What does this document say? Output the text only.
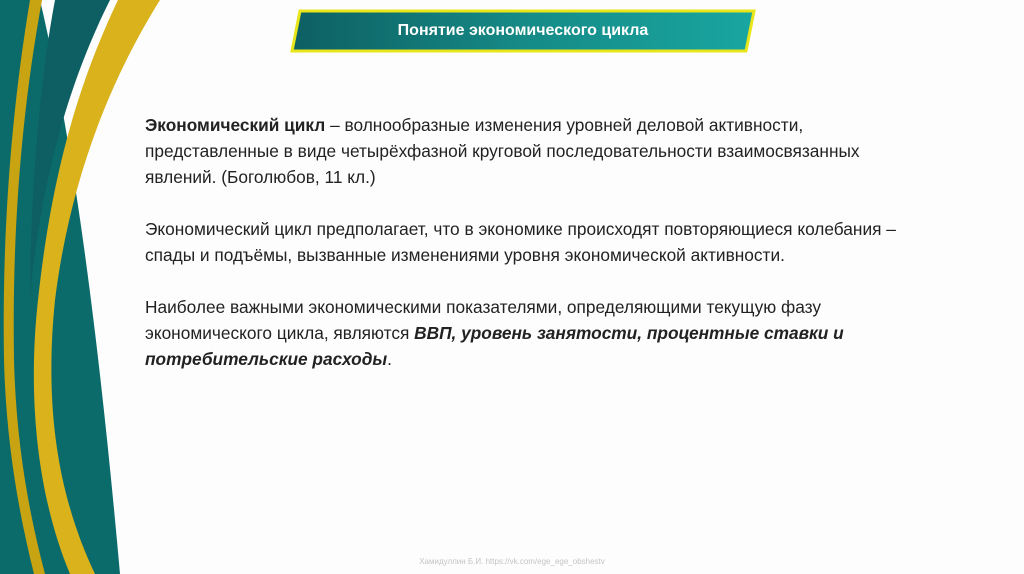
Понятие экономического цикла

Экономический цикл – волнообразные изменения уровней деловой активности, представленные в виде четырёхфазной круговой последовательности взаимосвязанных явлений. (Боголюбов, 11 кл.)

Экономический цикл предполагает, что в экономике происходят повторяющиеся колебания – спады и подъёмы, вызванные изменениями уровня экономической активности.

Наиболее важными экономическими показателями, определяющими текущую фазу экономического цикла, являются ВВП, уровень занятости, процентные ставки и потребительские расходы.

Хамидуллин Б.И. https://vk.com/ege_ege_obshestv
